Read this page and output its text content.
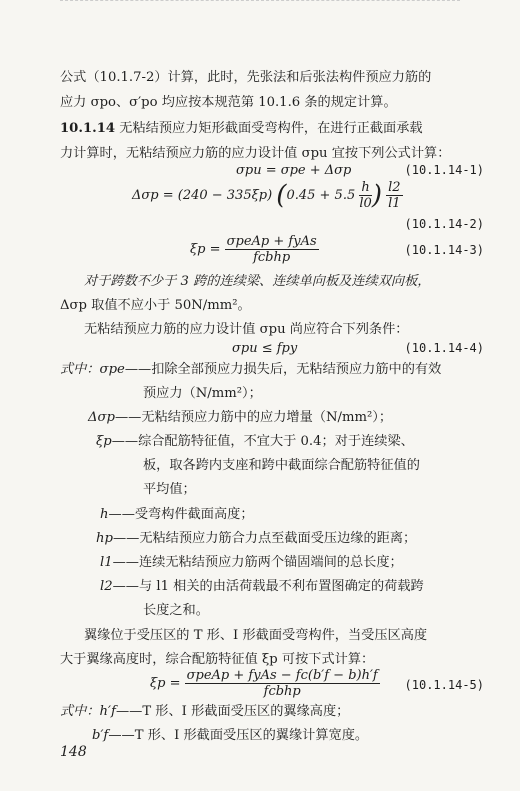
公式（10.1.7-2）计算，此时，先张法和后张法构件预应力筋的
应力 σpo、σ′po 均应按本规范第 10.1.6 条的规定计算。
10.1.14 无粘结预应力矩形截面受弯构件，在进行正截面承载
力计算时，无粘结预应力筋的应力设计值 σpu 宜按下列公式计算：
σpu = σpe + Δσp	(10.1.14-1)
Δσp = (240 − 335ξp) ($0.45 + 5.5 \frac{h}{l0}$ ) $\frac{l2}{l1}$
(10.1.14-2)
$\xi p = \frac{\text{σpeAp + fyAs}}{\text{fcbhp}}$	(10.1.14-3)
对于跨数不少于 3 跨的连续梁、连续单向板及连续双向板，
Δσp 取值不应小于 50N/mm²。
无粘结预应力筋的应力设计值 σpu 尚应符合下列条件：
σpu ≤ fpy	(10.1.14-4)
式中：σpe——扣除全部预应力损失后，无粘结预应力筋中的有效
预应力（N/mm²）；
Δσp——无粘结预应力筋中的应力增量（N/mm²）；
ξp——综合配筋特征值，不宜大于 0.4；对于连续梁、
板，取各跨内支座和跨中截面综合配筋特征值的
平均值；
h——受弯构件截面高度；
hp——无粘结预应力筋合力点至截面受压边缘的距离；
l1——连续无粘结预应力筋两个锚固端间的总长度；
l2——与 l1 相关的由活荷载最不利布置图确定的荷载跨
长度之和。
翼缘位于受压区的 T 形、I 形截面受弯构件，当受压区高度
大于翼缘高度时，综合配筋特征值 ξp 可按下式计算：
$\xi p = \frac{\text{σpeAp + fyAs − fc(b′f − b)h′f}}{\text{fcbhp}} (10.1.14-5)$
式中：h′f——T 形、I 形截面受压区的翼缘高度；
b′f——T 形、I 形截面受压区的翼缘计算宽度。
148
